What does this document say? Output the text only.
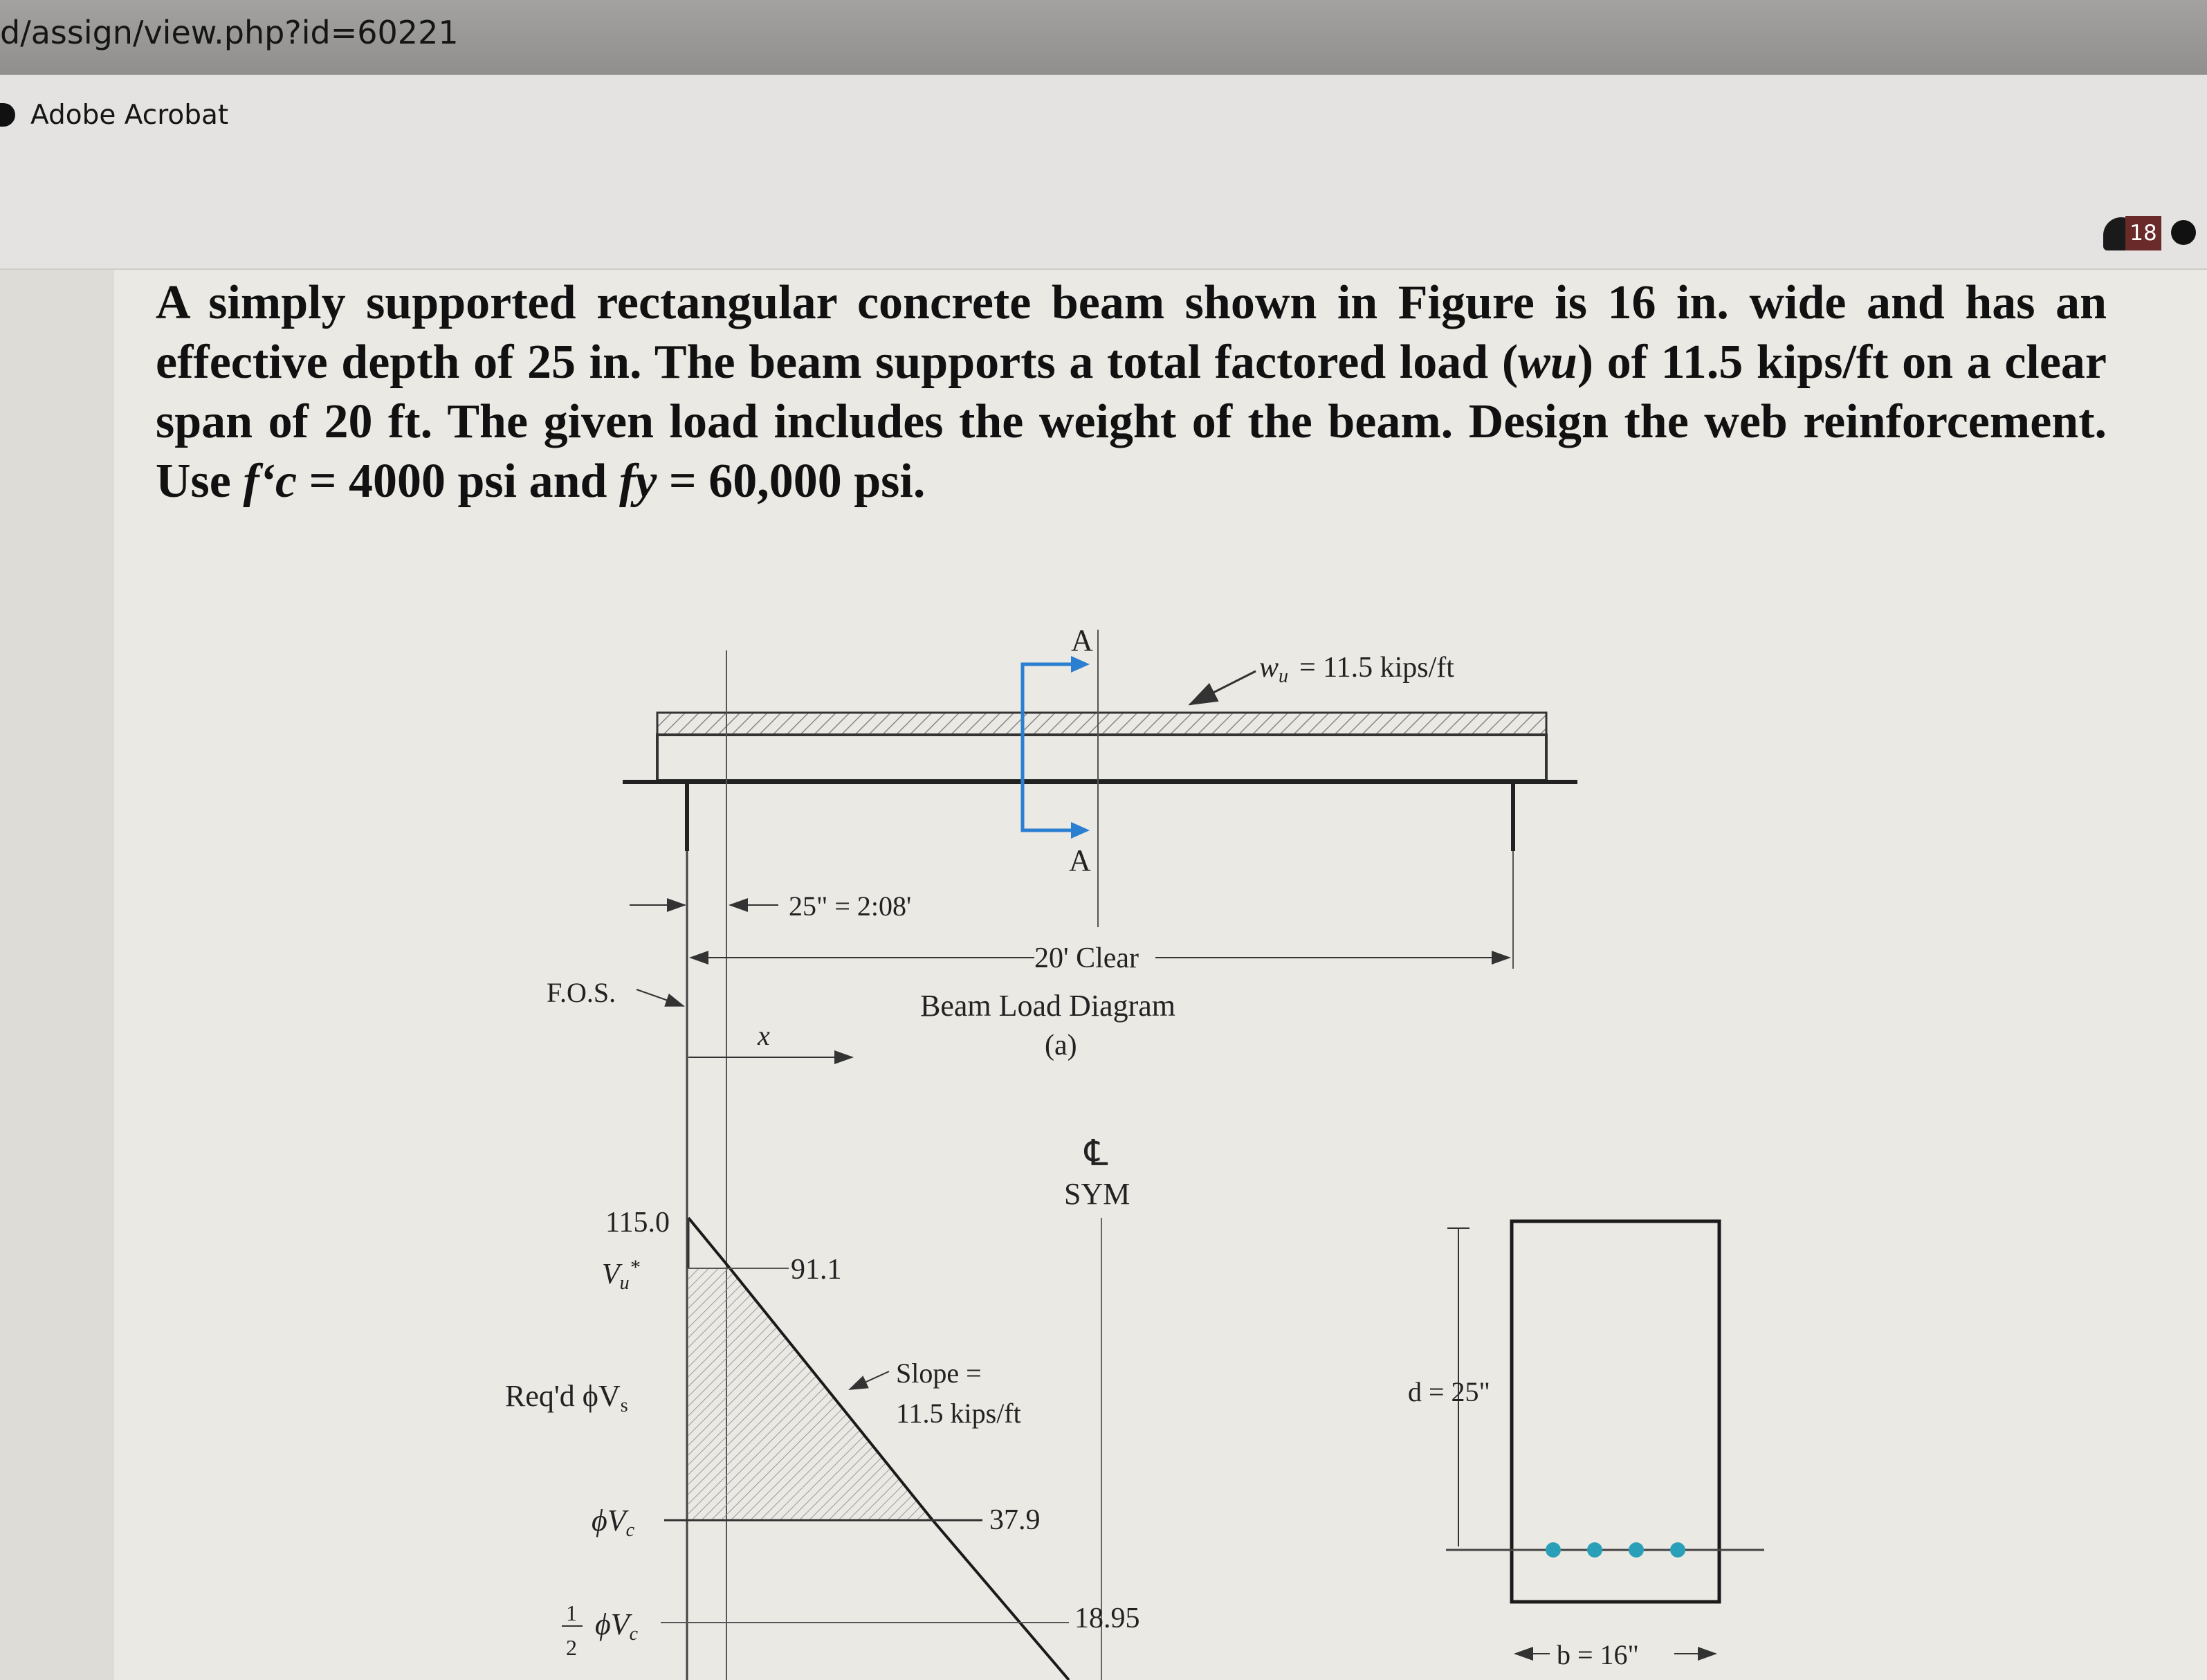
d/assign/view.php?id=60221
Adobe Acrobat
18
A simply supported rectangular concrete beam shown in Figure is 16 in. wide and has an effective depth of 25 in. The beam supports a total factored load (wu) of 11.5 kips/ft on a clear span of 20 ft. The given load includes the weight of the beam. Design the web reinforcement. Use f‘c = 4000 psi and fy = 60,000 psi.
A
A
wu = 11.5 kips/ft
25" = 2:08'
20' Clear
F.O.S.	Beam Load Diagram
(a)
x
℄
SYM
115.0
Vu*	91.1
Req'd ϕVs
Slope =
11.5 kips/ft
ϕVc	37.9
1
2
ϕVc	18.95
d = 25"
b = 16"
